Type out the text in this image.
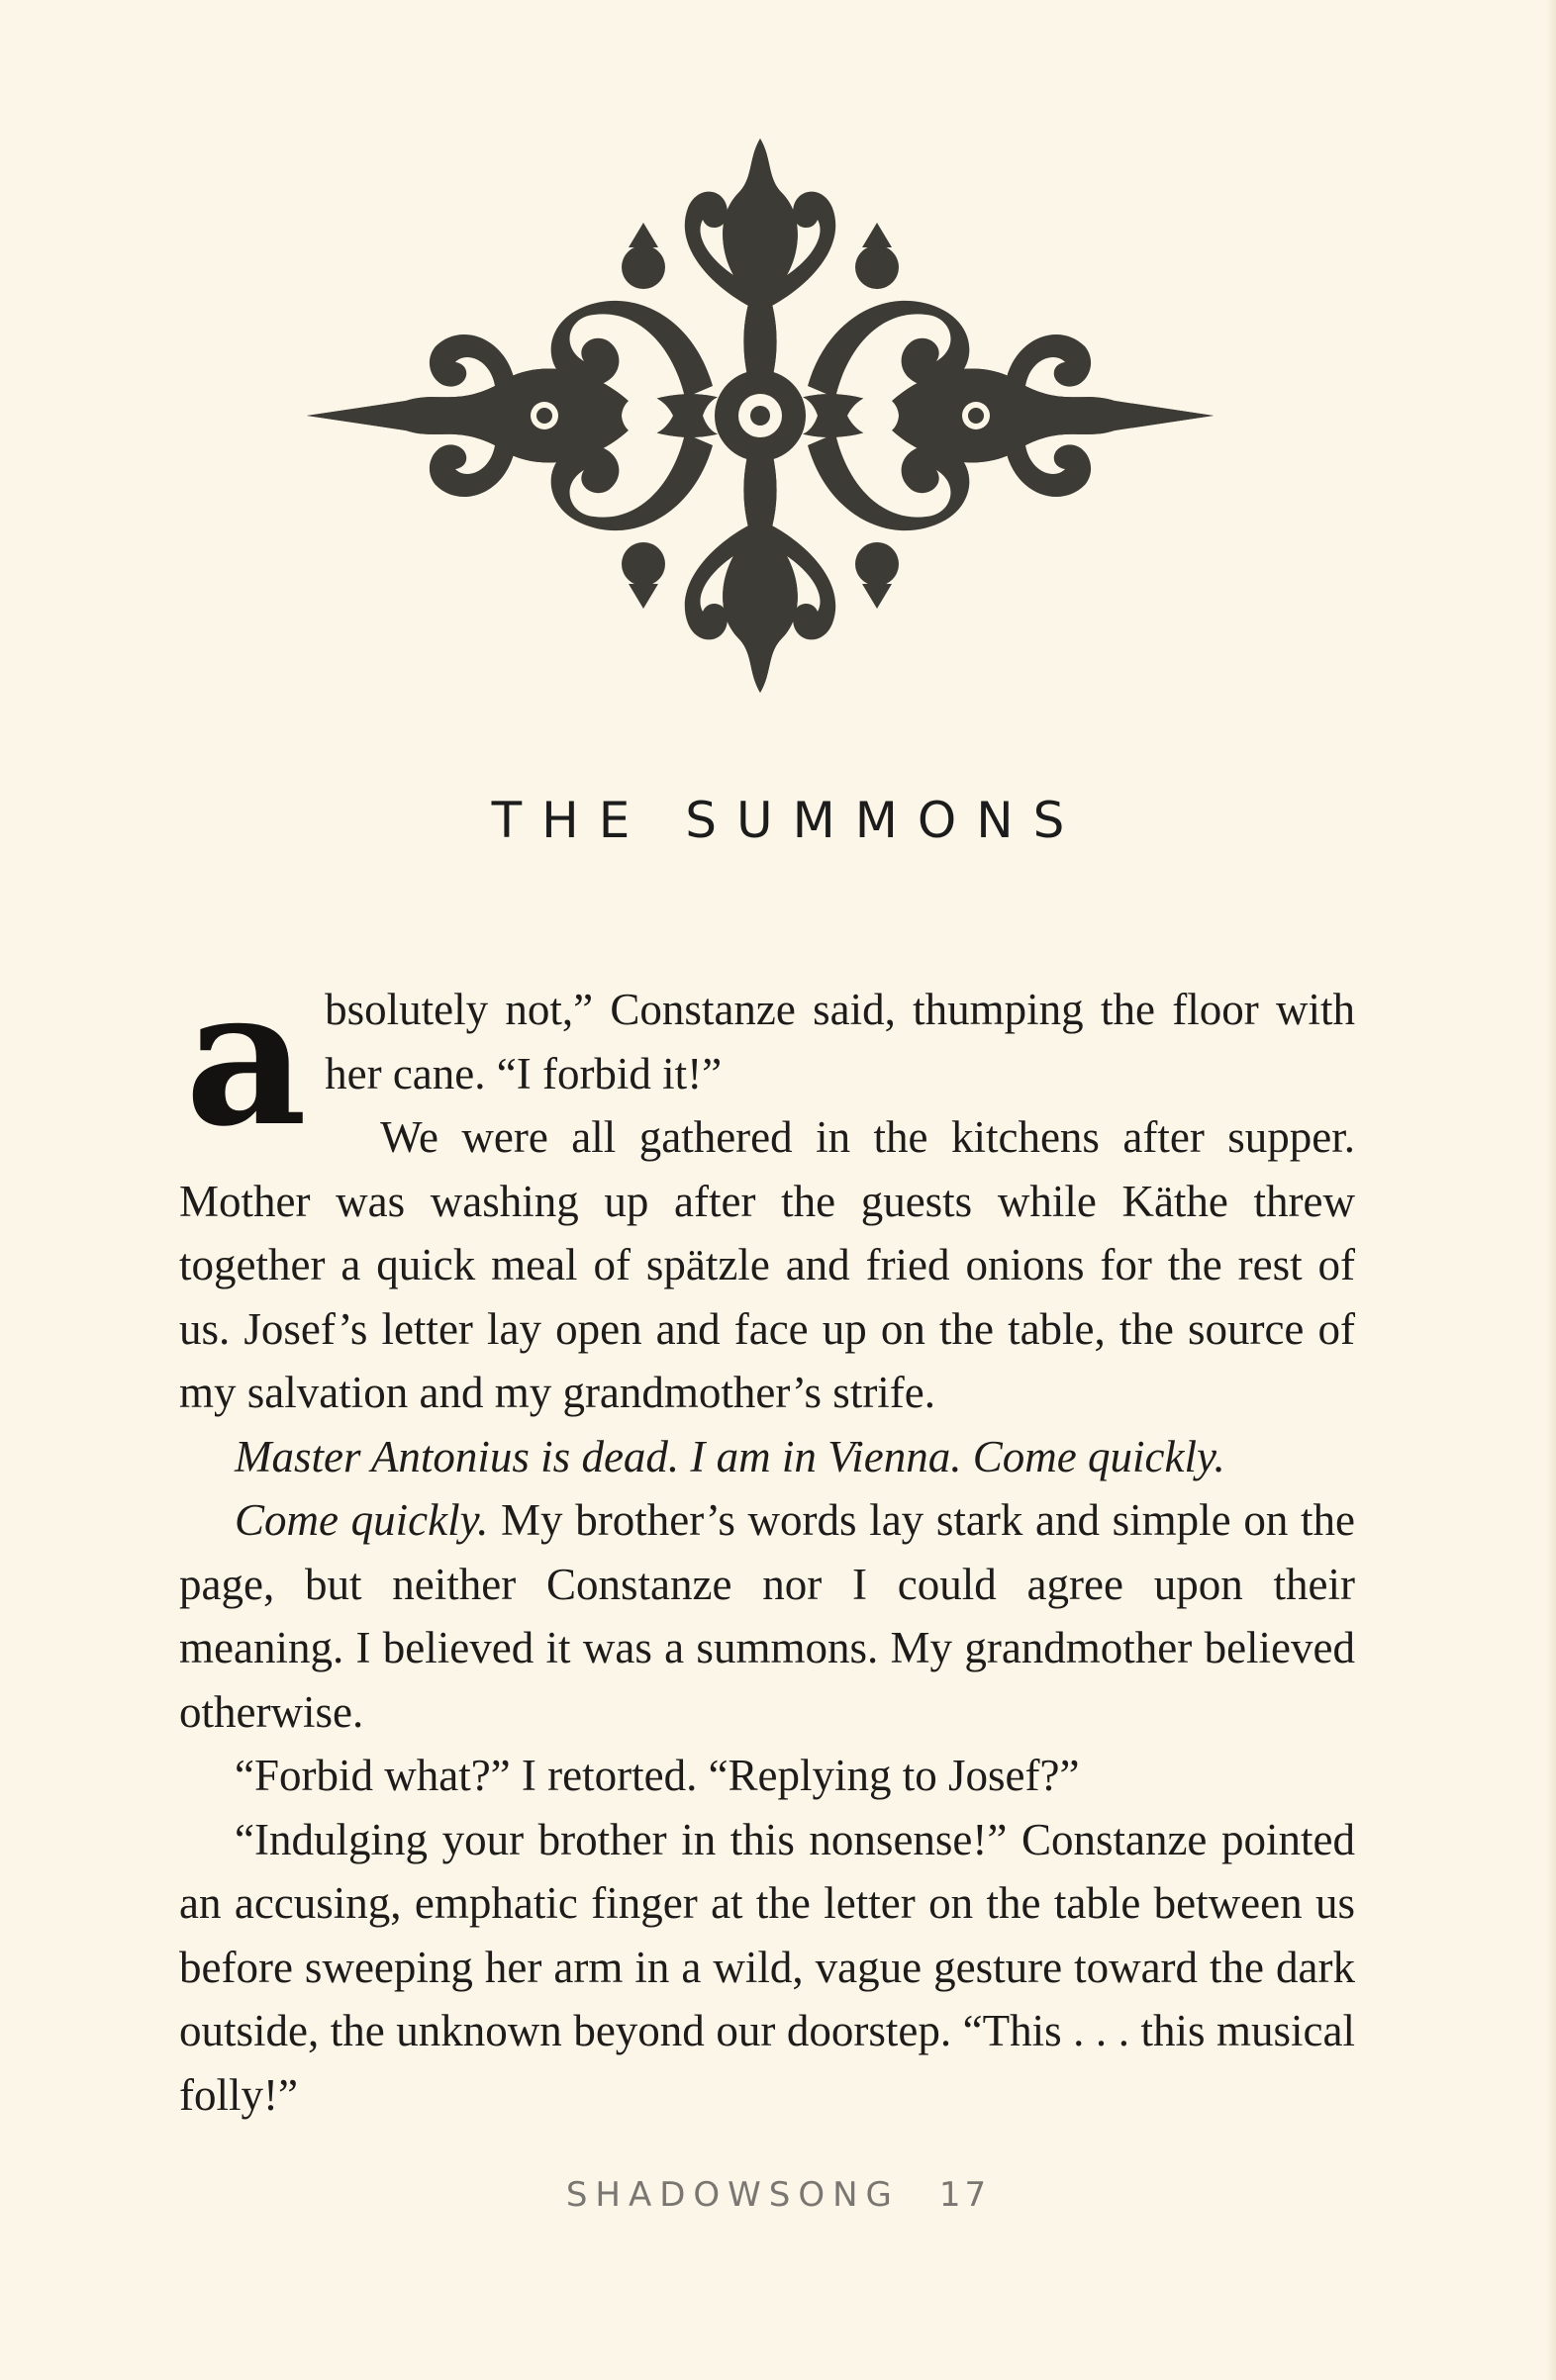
THE SUMMONS

absolutely not,” Constanze said, thumping the floor with her cane. “I forbid it!”
We were all gathered in the kitchens after supper. Mother was washing up after the guests while Käthe threw together a quick meal of spätzle and fried onions for the rest of us. Josef’s letter lay open and face up on the table, the source of my salvation and my grandmother’s strife.

Master Antonius is dead. I am in Vienna. Come quickly.

Come quickly. My brother’s words lay stark and simple on the page, but neither Constanze nor I could agree upon their meaning. I believed it was a summons. My grandmother believed otherwise.

“Forbid what?” I retorted. “Replying to Josef?”

“Indulging your brother in this nonsense!” Constanze pointed an accusing, emphatic finger at the letter on the table between us before sweeping her arm in a wild, vague gesture toward the dark outside, the unknown beyond our doorstep. “This . . . this musical folly!”

SHADOWSONG 17
